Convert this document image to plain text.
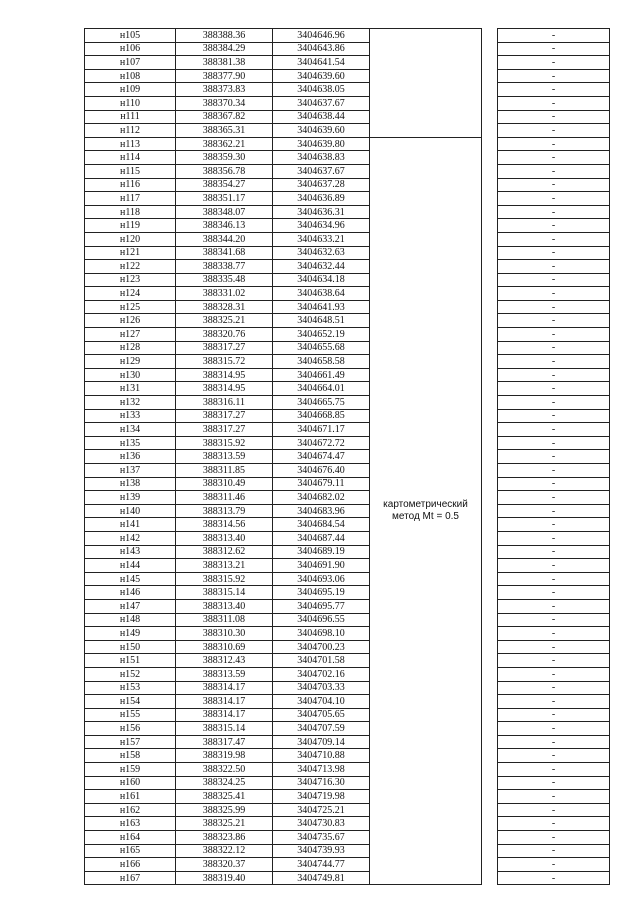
н105	388388.36	3404646.96			-
н106	388384.29	3404643.86			-
н107	388381.38	3404641.54			-
н108	388377.90	3404639.60			-
н109	388373.83	3404638.05			-
н110	388370.34	3404637.67			-
н111	388367.82	3404638.44			-
н112	388365.31	3404639.60			-
н113	388362.21	3404639.80	картометрический метод Mt = 0.5		-
н114	388359.30	3404638.83			-
н115	388356.78	3404637.67			-
н116	388354.27	3404637.28			-
н117	388351.17	3404636.89			-
н118	388348.07	3404636.31			-
н119	388346.13	3404634.96			-
н120	388344.20	3404633.21			-
н121	388341.68	3404632.63			-
н122	388338.77	3404632.44			-
н123	388335.48	3404634.18			-
н124	388331.02	3404638.64			-
н125	388328.31	3404641.93			-
н126	388325.21	3404648.51			-
н127	388320.76	3404652.19			-
н128	388317.27	3404655.68			-
н129	388315.72	3404658.58			-
н130	388314.95	3404661.49			-
н131	388314.95	3404664.01			-
н132	388316.11	3404665.75			-
н133	388317.27	3404668.85			-
н134	388317.27	3404671.17			-
н135	388315.92	3404672.72			-
н136	388313.59	3404674.47			-
н137	388311.85	3404676.40			-
н138	388310.49	3404679.11			-
н139	388311.46	3404682.02			-
н140	388313.79	3404683.96			-
н141	388314.56	3404684.54			-
н142	388313.40	3404687.44			-
н143	388312.62	3404689.19			-
н144	388313.21	3404691.90			-
н145	388315.92	3404693.06			-
н146	388315.14	3404695.19			-
н147	388313.40	3404695.77			-
н148	388311.08	3404696.55			-
н149	388310.30	3404698.10			-
н150	388310.69	3404700.23			-
н151	388312.43	3404701.58			-
н152	388313.59	3404702.16			-
н153	388314.17	3404703.33			-
н154	388314.17	3404704.10			-
н155	388314.17	3404705.65			-
н156	388315.14	3404707.59			-
н157	388317.47	3404709.14			-
н158	388319.98	3404710.88			-
н159	388322.50	3404713.98			-
н160	388324.25	3404716.30			-
н161	388325.41	3404719.98			-
н162	388325.99	3404725.21			-
н163	388325.21	3404730.83			-
н164	388323.86	3404735.67			-
н165	388322.12	3404739.93			-
н166	388320.37	3404744.77			-
н167	388319.40	3404749.81			-
